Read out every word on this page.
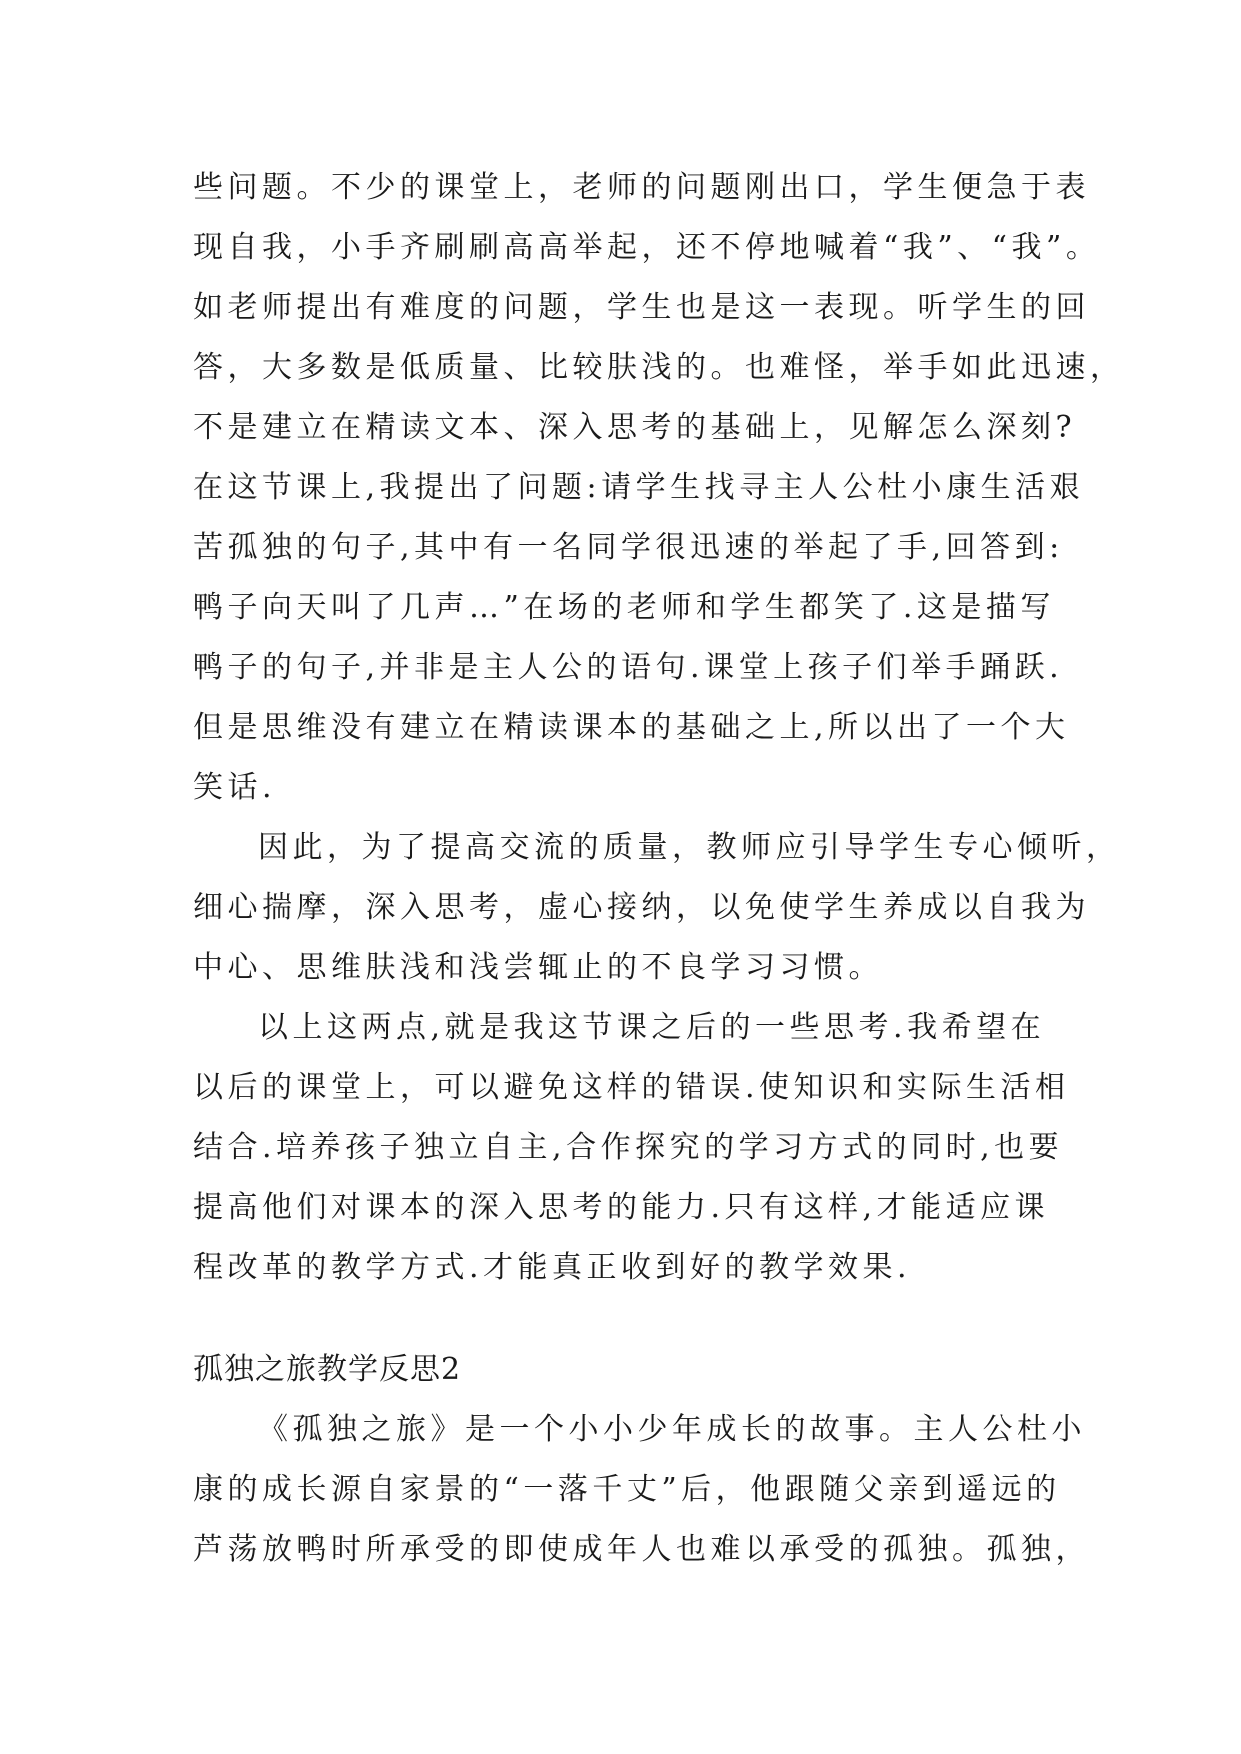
些问题。不少的课堂上，老师的问题刚出口，学生便急于表
现自我，小手齐刷刷高高举起，还不停地喊着“我”、“我”。
如老师提出有难度的问题，学生也是这一表现。听学生的回
答，大多数是低质量、比较肤浅的。也难怪，举手如此迅速，
不是建立在精读文本、深入思考的基础上，见解怎么深刻?
在这节课上,我提出了问题:请学生找寻主人公杜小康生活艰
苦孤独的句子,其中有一名同学很迅速的举起了手,回答到:
鸭子向天叫了几声…”在场的老师和学生都笑了.这是描写
鸭子的句子,并非是主人公的语句.课堂上孩子们举手踊跃.
但是思维没有建立在精读课本的基础之上,所以出了一个大
笑话.
因此，为了提高交流的质量，教师应引导学生专心倾听，
细心揣摩，深入思考，虚心接纳，以免使学生养成以自我为
中心、思维肤浅和浅尝辄止的不良学习习惯。
以上这两点,就是我这节课之后的一些思考.我希望在
以后的课堂上，可以避免这样的错误.使知识和实际生活相
结合.培养孩子独立自主,合作探究的学习方式的同时,也要
提高他们对课本的深入思考的能力.只有这样,才能适应课
程改革的教学方式.才能真正收到好的教学效果.
孤独之旅教学反思2
《孤独之旅》是一个小小少年成长的故事。主人公杜小
康的成长源自家景的“一落千丈”后，他跟随父亲到遥远的
芦荡放鸭时所承受的即使成年人也难以承受的孤独。孤独，
